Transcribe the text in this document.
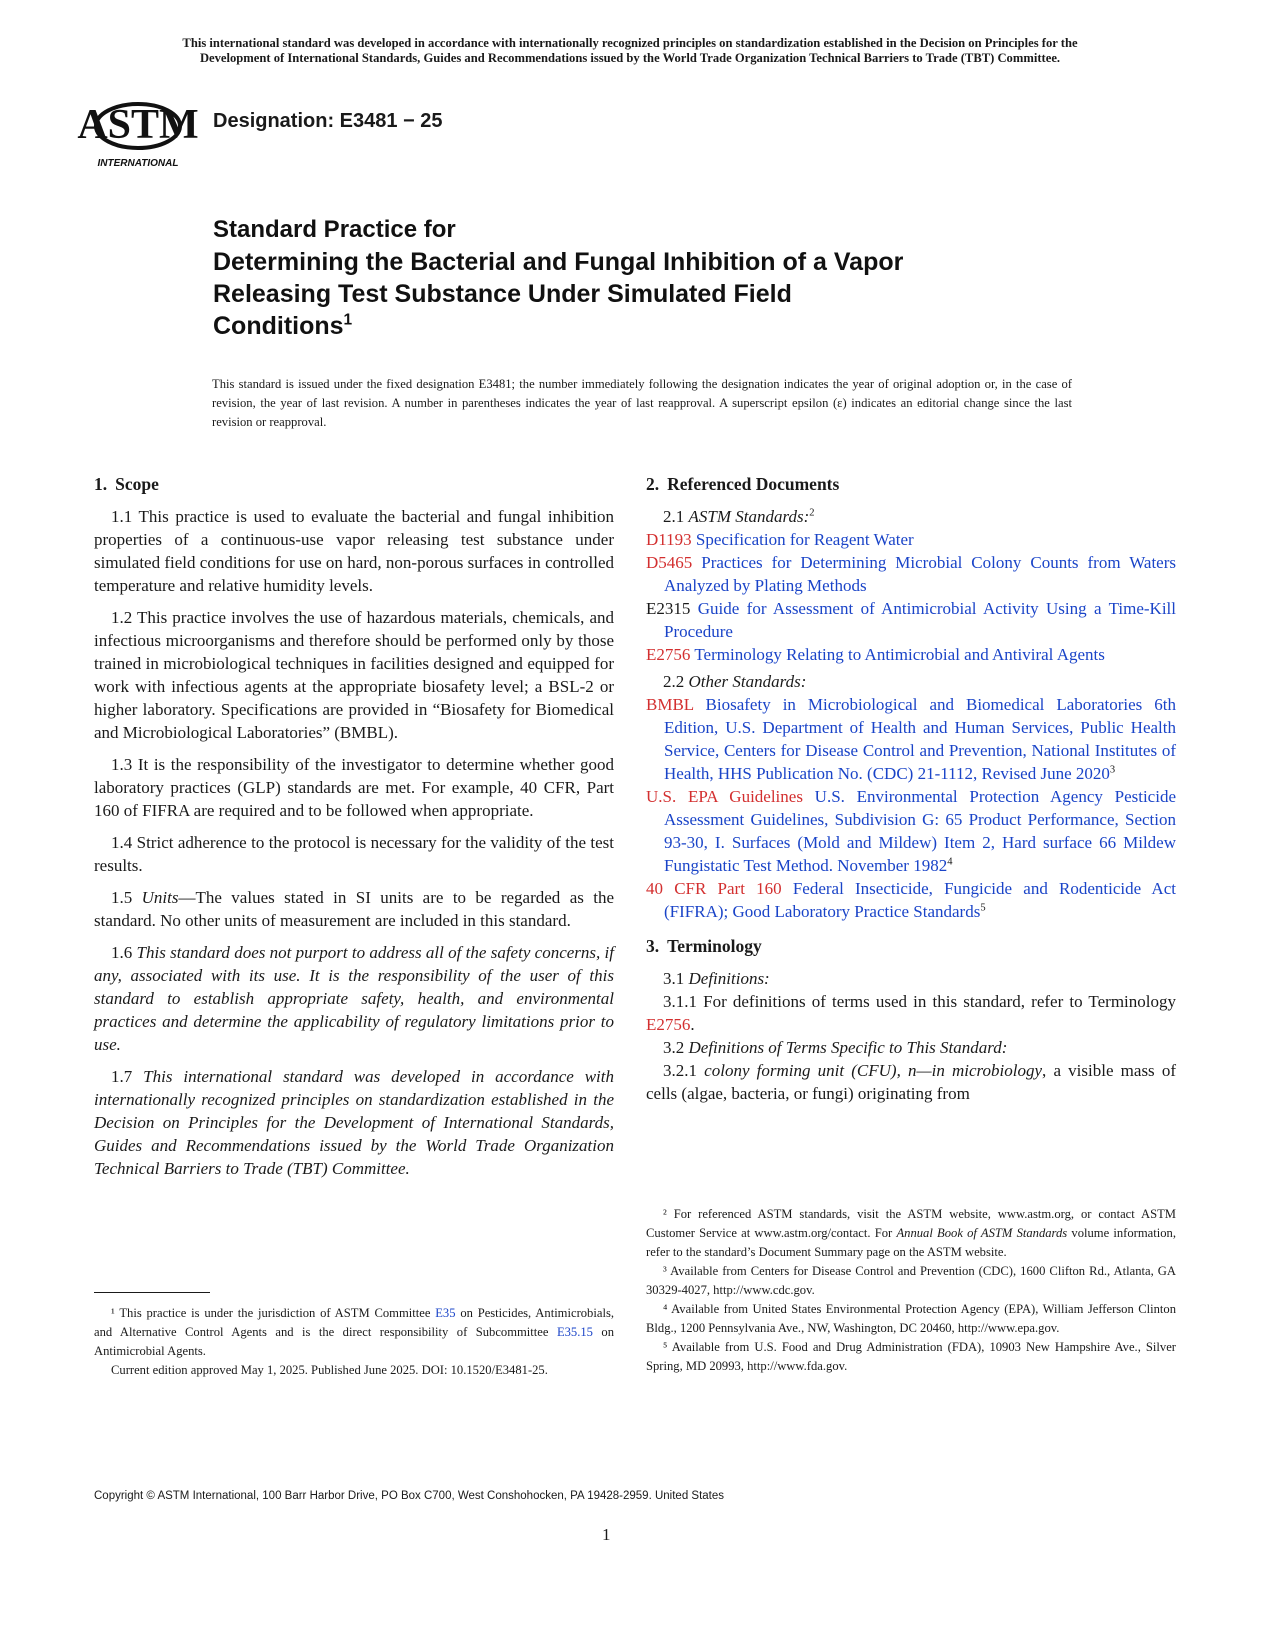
This international standard was developed in accordance with internationally recognized principles on standardization established in the Decision on Principles for the
Development of International Standards, Guides and Recommendations issued by the World Trade Organization Technical Barriers to Trade (TBT) Committee.
ASTM
INTERNATIONAL
Designation: E3481 − 25
Standard Practice for
Determining the Bacterial and Fungal Inhibition of a Vapor
Releasing Test Substance Under Simulated Field
Conditions$^1$
This standard is issued under the fixed designation E3481; the number immediately following the designation indicates the year of original adoption or, in the case of revision, the year of last revision. A number in parentheses indicates the year of last reapproval. A superscript epsilon (ε) indicates an editorial change since the last revision or reapproval.
1. Scope

1.1 This practice is used to evaluate the bacterial and fungal inhibition properties of a continuous-use vapor releasing test substance under simulated field conditions for use on hard, non-porous surfaces in controlled temperature and relative humidity levels.

1.2 This practice involves the use of hazardous materials, chemicals, and infectious microorganisms and therefore should be performed only by those trained in microbiological techniques in facilities designed and equipped for work with infectious agents at the appropriate biosafety level; a BSL-2 or higher laboratory. Specifications are provided in “Biosafety for Biomedical and Microbiological Laboratories” (BMBL).

1.3 It is the responsibility of the investigator to determine whether good laboratory practices (GLP) standards are met. For example, 40 CFR, Part 160 of FIFRA are required and to be followed when appropriate.

1.4 Strict adherence to the protocol is necessary for the validity of the test results.

1.5 Units—The values stated in SI units are to be regarded as the standard. No other units of measurement are included in this standard.

1.6 This standard does not purport to address all of the safety concerns, if any, associated with its use. It is the responsibility of the user of this standard to establish appropriate safety, health, and environmental practices and determine the applicability of regulatory limitations prior to use.

1.7 This international standard was developed in accordance with internationally recognized principles on standardization established in the Decision on Principles for the Development of International Standards, Guides and Recommendations issued by the World Trade Organization Technical Barriers to Trade (TBT) Committee.

¹ This practice is under the jurisdiction of ASTM Committee E35 on Pesticides, Antimicrobials, and Alternative Control Agents and is the direct responsibility of Subcommittee E35.15 on Antimicrobial Agents.

Current edition approved May 1, 2025. Published June 2025. DOI: 10.1520/E3481-25.

2. Referenced Documents

2.1 ASTM Standards:$^2$

D1193 Specification for Reagent Water

D5465 Practices for Determining Microbial Colony Counts from Waters Analyzed by Plating Methods

E2315 Guide for Assessment of Antimicrobial Activity Using a Time-Kill Procedure

E2756 Terminology Relating to Antimicrobial and Antiviral Agents

2.2 Other Standards:

BMBL Biosafety in Microbiological and Biomedical Laboratories 6th Edition, U.S. Department of Health and Human Services, Public Health Service, Centers for Disease Control and Prevention, National Institutes of Health, HHS Publication No. (CDC) 21-1112, Revised June 2020$^3$

U.S. EPA Guidelines U.S. Environmental Protection Agency Pesticide Assessment Guidelines, Subdivision G: 65 Product Performance, Section 93-30, I. Surfaces (Mold and Mildew) Item 2, Hard surface 66 Mildew Fungistatic Test Method. November 1982$^4$

40 CFR Part 160 Federal Insecticide, Fungicide and Rodenticide Act (FIFRA); Good Laboratory Practice Standards$^5$

3. Terminology

3.1 Definitions:

3.1.1 For definitions of terms used in this standard, refer to Terminology E2756.

3.2 Definitions of Terms Specific to This Standard:

3.2.1 colony forming unit (CFU), n—in microbiology, a visible mass of cells (algae, bacteria, or fungi) originating from

² For referenced ASTM standards, visit the ASTM website, www.astm.org, or contact ASTM Customer Service at www.astm.org/contact. For Annual Book of ASTM Standards volume information, refer to the standard’s Document Summary page on the ASTM website.

³ Available from Centers for Disease Control and Prevention (CDC), 1600 Clifton Rd., Atlanta, GA 30329-4027, http://www.cdc.gov.

⁴ Available from United States Environmental Protection Agency (EPA), William Jefferson Clinton Bldg., 1200 Pennsylvania Ave., NW, Washington, DC 20460, http://www.epa.gov.

⁵ Available from U.S. Food and Drug Administration (FDA), 10903 New Hampshire Ave., Silver Spring, MD 20993, http://www.fda.gov.

Copyright © ASTM International, 100 Barr Harbor Drive, PO Box C700, West Conshohocken, PA 19428-2959. United States
1
